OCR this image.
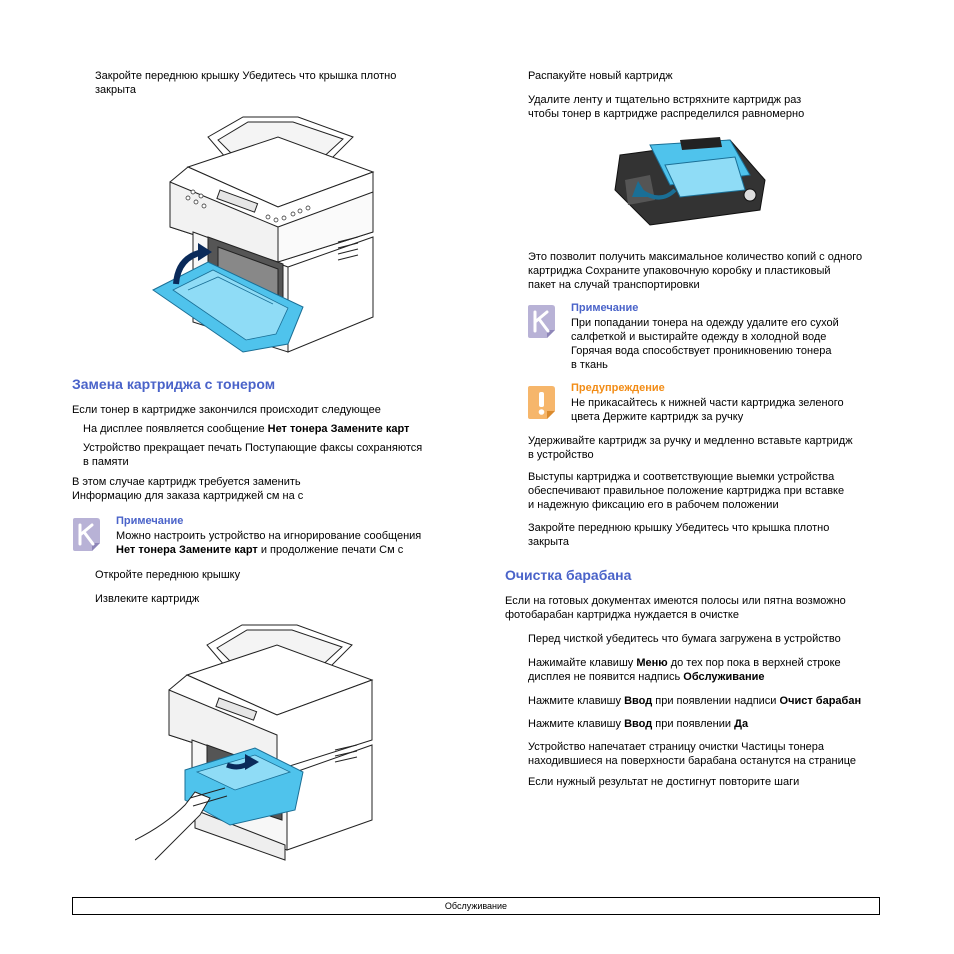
Закройте переднюю крышку Убедитесь что крышка плотно
закрыта
Замена картриджа с тонером
Если тонер в картридже закончился происходит следующее
На дисплее появляется сообщение Нет тонера Замените карт
Устройство прекращает печать Поступающие факсы сохраняются
в памяти
В этом случае картридж требуется заменить
Информацию для заказа картриджей см на с
Примечание
Можно настроить устройство на игнорирование сообщения
Нет тонера Замените карт и продолжение печати См с
Откройте переднюю крышку
Извлеките картридж
Распакуйте новый картридж
Удалите ленту и тщательно встряхните картридж раз
чтобы тонер в картридже распределился равномерно
Это позволит получить максимальное количество копий с одного
картриджа Сохраните упаковочную коробку и пластиковый
пакет на случай транспортировки
Примечание
При попадании тонера на одежду удалите его сухой
салфеткой и выстирайте одежду в холодной воде
Горячая вода способствует проникновению тонера
в ткань
Предупреждение
Не прикасайтесь к нижней части картриджа зеленого
цвета Держите картридж за ручку
Удерживайте картридж за ручку и медленно вставьте картридж
в устройство
Выступы картриджа и соответствующие выемки устройства
обеспечивают правильное положение картриджа при вставке
и надежную фиксацию его в рабочем положении
Закройте переднюю крышку Убедитесь что крышка плотно
закрыта
Очистка барабана
Если на готовых документах имеются полосы или пятна возможно
фотобарабан картриджа нуждается в очистке
Перед чисткой убедитесь что бумага загружена в устройство
Нажимайте клавишу Меню до тех пор пока в верхней строке
дисплея не появится надпись Обслуживание
Нажмите клавишу Ввод при появлении надписи Очист барабан
Нажмите клавишу Ввод при появлении Да
Устройство напечатает страницу очистки Частицы тонера
находившиеся на поверхности барабана останутся на странице
Если нужный результат не достигнут повторите шаги
Обслуживание
